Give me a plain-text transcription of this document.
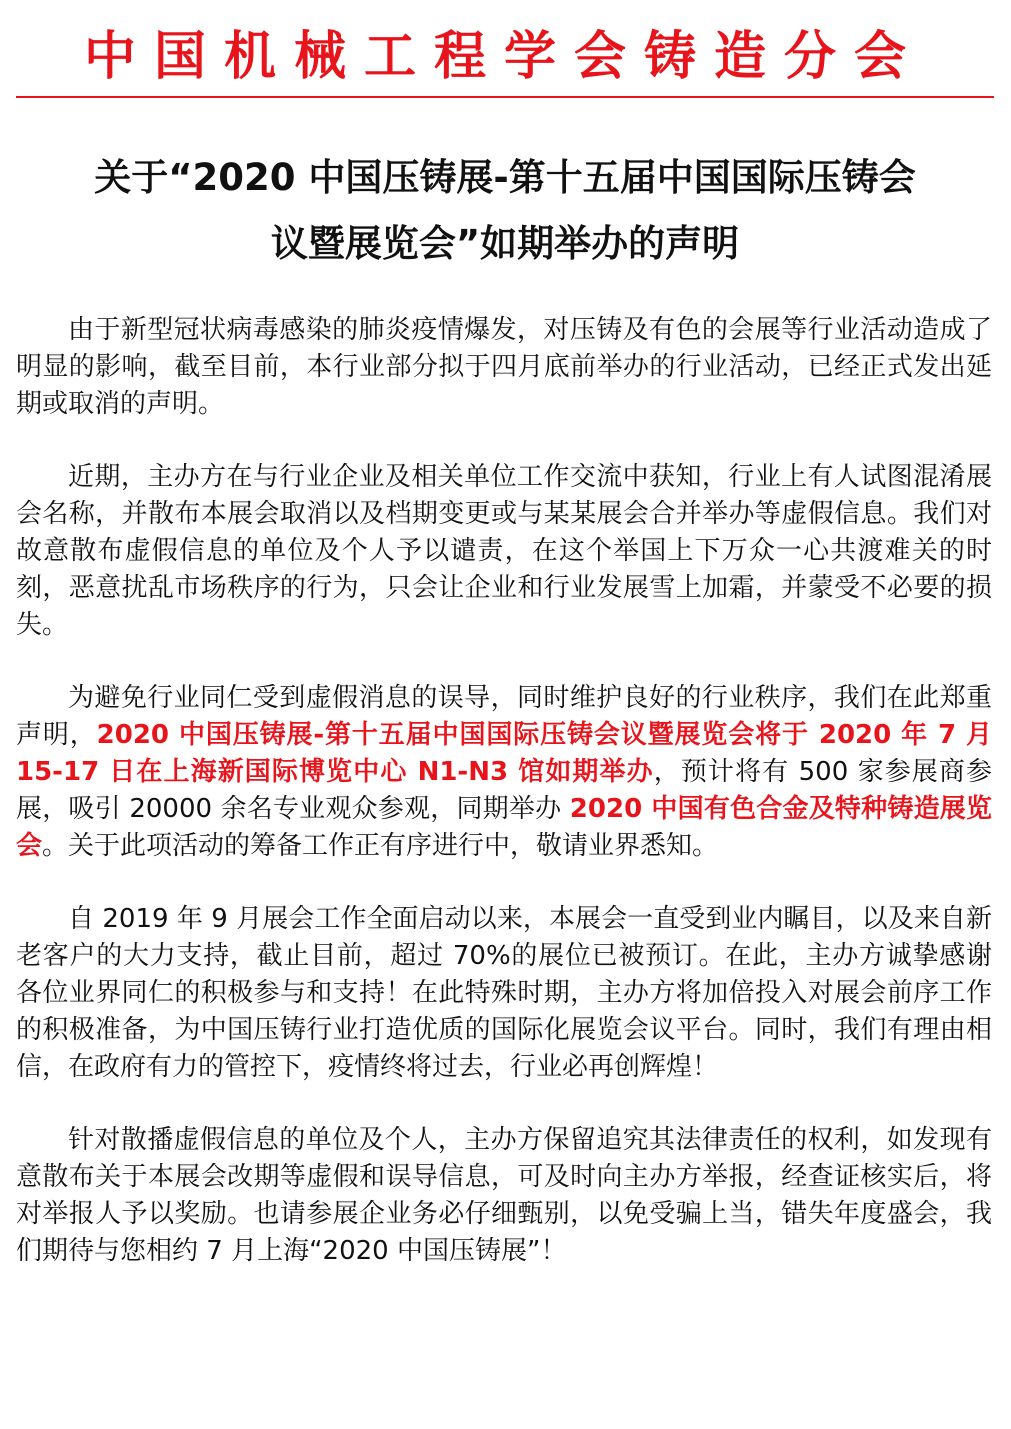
中国机械工程学会铸造分会
关于“2020 中国压铸展-第十五届中国国际压铸会
议暨展览会”如期举办的声明

由于新型冠状病毒感染的肺炎疫情爆发，对压铸及有色的会展等行业活动造成了明显的影响，截至目前，本行业部分拟于四月底前举办的行业活动，已经正式发出延期或取消的声明。

近期，主办方在与行业企业及相关单位工作交流中获知，行业上有人试图混淆展会名称，并散布本展会取消以及档期变更或与某某展会合并举办等虚假信息。我们对故意散布虚假信息的单位及个人予以谴责，在这个举国上下万众一心共渡难关的时刻，恶意扰乱市场秩序的行为，只会让企业和行业发展雪上加霜，并蒙受不必要的损失。

为避免行业同仁受到虚假消息的误导，同时维护良好的行业秩序，我们在此郑重声明，2020 中国压铸展-第十五届中国国际压铸会议暨展览会将于 2020 年 7 月 15-17 日在上海新国际博览中心 N1-N3 馆如期举办，预计将有 500 家参展商参展，吸引 20000 余名专业观众参观，同期举办 2020 中国有色合金及特种铸造展览会。关于此项活动的筹备工作正有序进行中，敬请业界悉知。

自 2019 年 9 月展会工作全面启动以来，本展会一直受到业内瞩目，以及来自新老客户的大力支持，截止目前，超过 70%的展位已被预订。在此，主办方诚挚感谢各位业界同仁的积极参与和支持！在此特殊时期，主办方将加倍投入对展会前序工作的积极准备，为中国压铸行业打造优质的国际化展览会议平台。同时，我们有理由相信，在政府有力的管控下，疫情终将过去，行业必再创辉煌！

针对散播虚假信息的单位及个人，主办方保留追究其法律责任的权利，如发现有意散布关于本展会改期等虚假和误导信息，可及时向主办方举报，经查证核实后，将对举报人予以奖励。也请参展企业务必仔细甄别，以免受骗上当，错失年度盛会，我们期待与您相约 7 月上海“2020 中国压铸展”！
